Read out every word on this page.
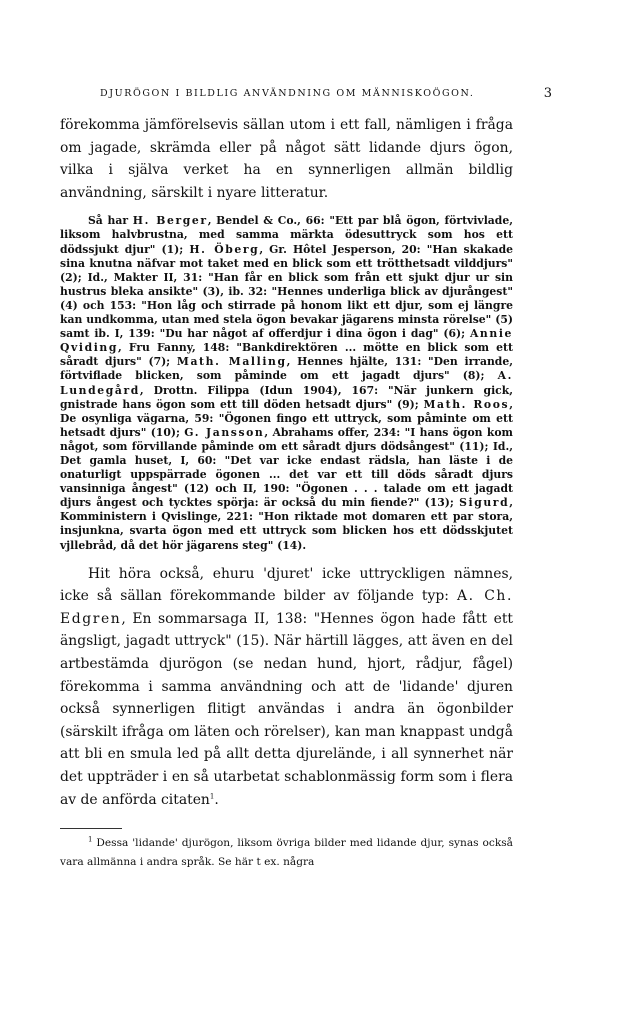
DJURÖGON I BILDLIG ANVÄNDNING OM MÄNNISKOÖGON.	3

förekomma jämförelsevis sällan utom i ett fall, nämligen i fråga om jagade, skrämda eller på något sätt lidande djurs ögon, vilka i själva verket ha en synnerligen allmän bildlig användning, särskilt i nyare litteratur.

Så har H. Berger, Bendel & Co., 66: "Ett par blå ögon, förtvivlade, liksom halvbrustna, med samma märkta ödesuttryck som hos ett dödssjukt djur" (1); H. Öberg, Gr. Hôtel Jesperson, 20: "Han skakade sina knutna näfvar mot taket med en blick som ett trötthetsadt vilddjurs" (2); Id., Makter II, 31: "Han får en blick som från ett sjukt djur ur sin hustrus bleka ansikte" (3), ib. 32: "Hennes underliga blick av djurångest" (4) och 153: "Hon låg och stirrade på honom likt ett djur, som ej längre kan undkomma, utan med stela ögon bevakar jägarens minsta rörelse" (5) samt ib. I, 139: "Du har något af offerdjur i dina ögon i dag" (6); Annie Qviding, Fru Fanny, 148: "Bankdirektören ... mötte en blick som ett såradt djurs" (7); Math. Malling, Hennes hjälte, 131: "Den irrande, förtviflade blicken, som påminde om ett jagadt djurs" (8); A. Lundegård, Drottn. Filippa (Idun 1904), 167: "När junkern gick, gnistrade hans ögon som ett till döden hetsadt djurs" (9); Math. Roos, De osynliga vägarna, 59: "Ögonen fingo ett uttryck, som påminte om ett hetsadt djurs" (10); G. Jansson, Abrahams offer, 234: "I hans ögon kom något, som förvillande påminde om ett såradt djurs dödsångest" (11); Id., Det gamla huset, I, 60: "Det var icke endast rädsla, han läste i de onaturligt uppspärrade ögonen ... det var ett till döds såradt djurs vansinniga ångest" (12) och II, 190: "Ögonen . . . talade om ett jagadt djurs ångest och tycktes spörja: är också du min fiende?" (13); Sigurd, Komministern i Qvislinge, 221: "Hon riktade mot domaren ett par stora, insjunkna, svarta ögon med ett uttryck som blicken hos ett dödsskjutet vjllebråd, då det hör jägarens steg" (14).

Hit höra också, ehuru 'djuret' icke uttryckligen nämnes, icke så sällan förekommande bilder av följande typ: A. Ch. Edgren, En sommarsaga II, 138: "Hennes ögon hade fått ett ängsligt, jagadt uttryck" (15). När härtill lägges, att även en del artbestämda djurögon (se nedan hund, hjort, rådjur, fågel) förekomma i samma användning och att de 'lidande' djuren också synnerligen flitigt användas i andra än ögonbilder (särskilt ifråga om läten och rörelser), kan man knappast undgå att bli en smula led på allt detta djureländе, i all synnerhet när det uppträder i en så utarbetat schablonmässig form som i flera av de anförda citaten$^1$.

$^1$ Dessa 'lidande' djurögon, liksom övriga bilder med lidande djur, synas också vara allmänna i andra språk. Se här t ex. några
